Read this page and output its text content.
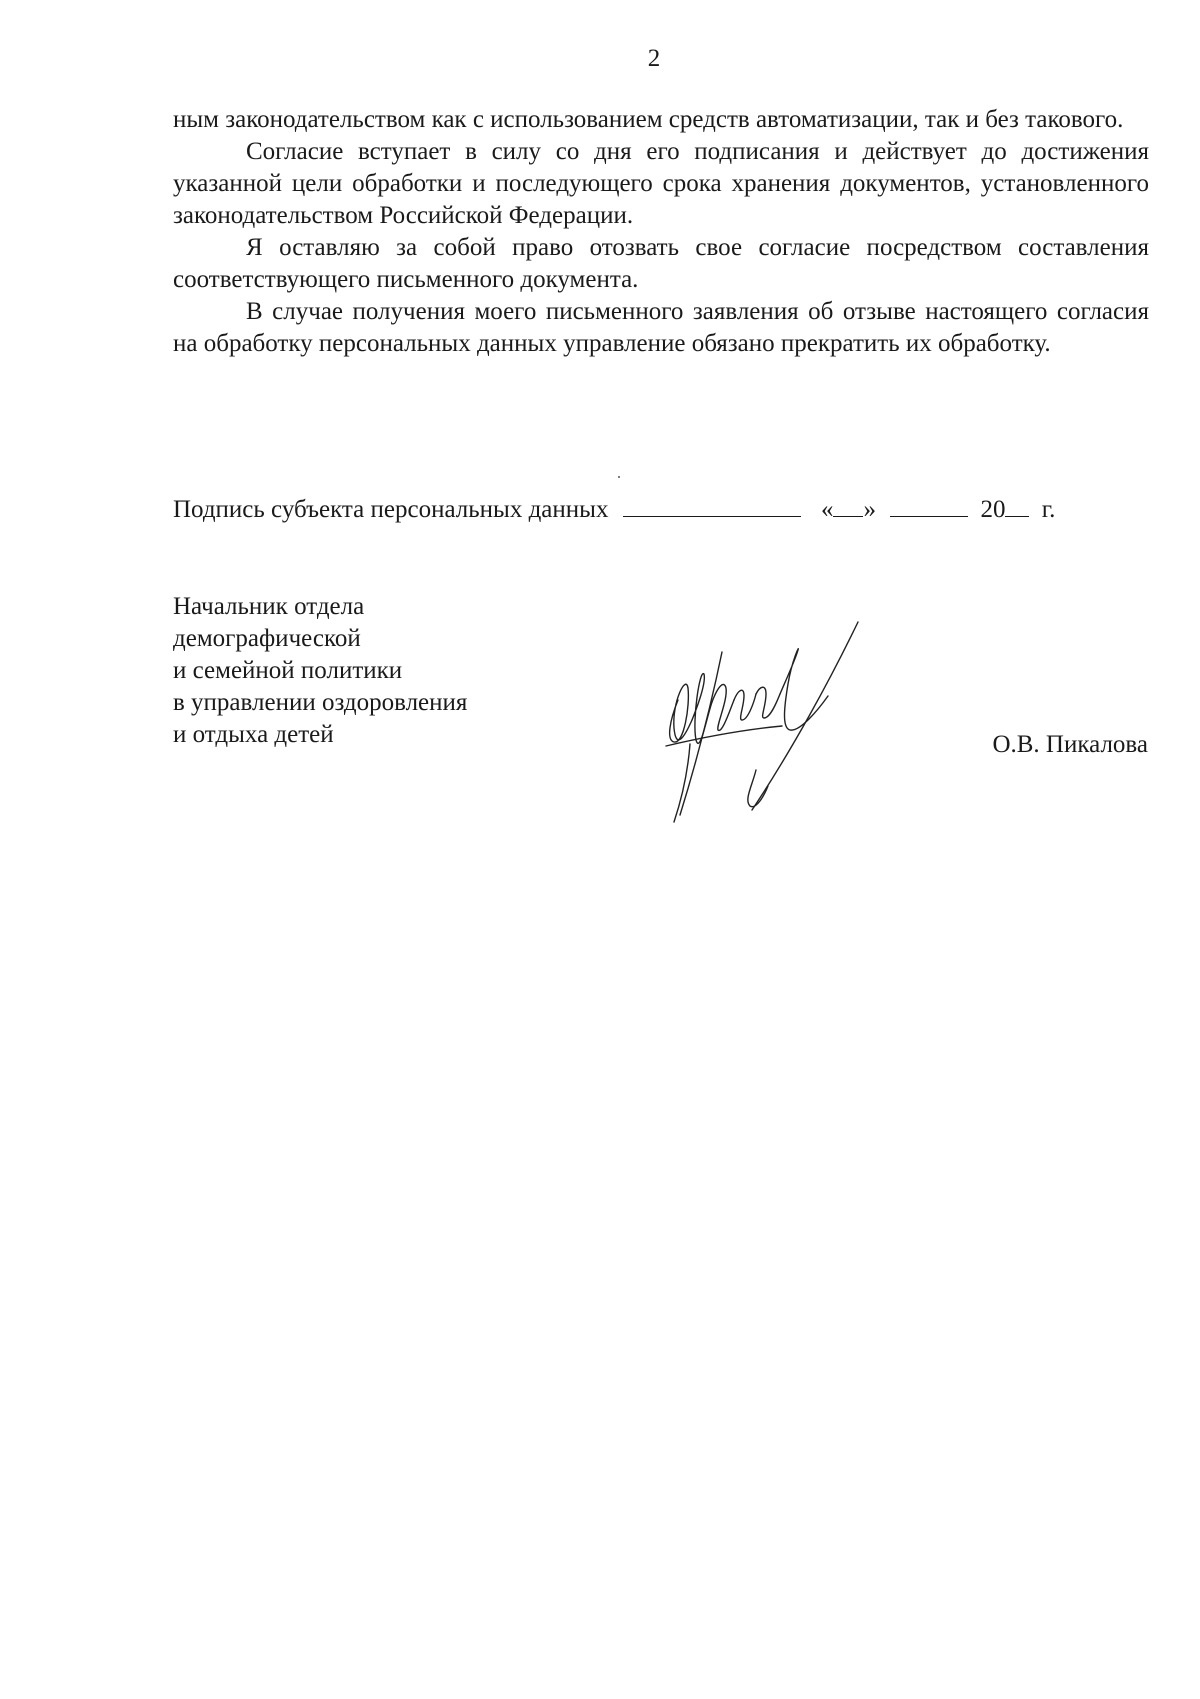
2

ным законодательством как с использованием средств автоматизации, так и без такового.

Согласие вступает в силу со дня его подписания и действует до достижения указанной цели обработки и последующего срока хранения документов, установленного законодательством Российской Федерации.

Я оставляю за собой право отозвать свое согласие посредством составления соответствующего письменного документа.

В случае получения моего письменного заявления об отзыве настоящего согласия на обработку персональных данных управление обязано прекратить их обработку.

Подпись субъекта персональных данных	« »	20 г.
Начальник отдела
демографической
и семейной политики
в управлении оздоровления
и отдыха детей	О.В. Пикалова
